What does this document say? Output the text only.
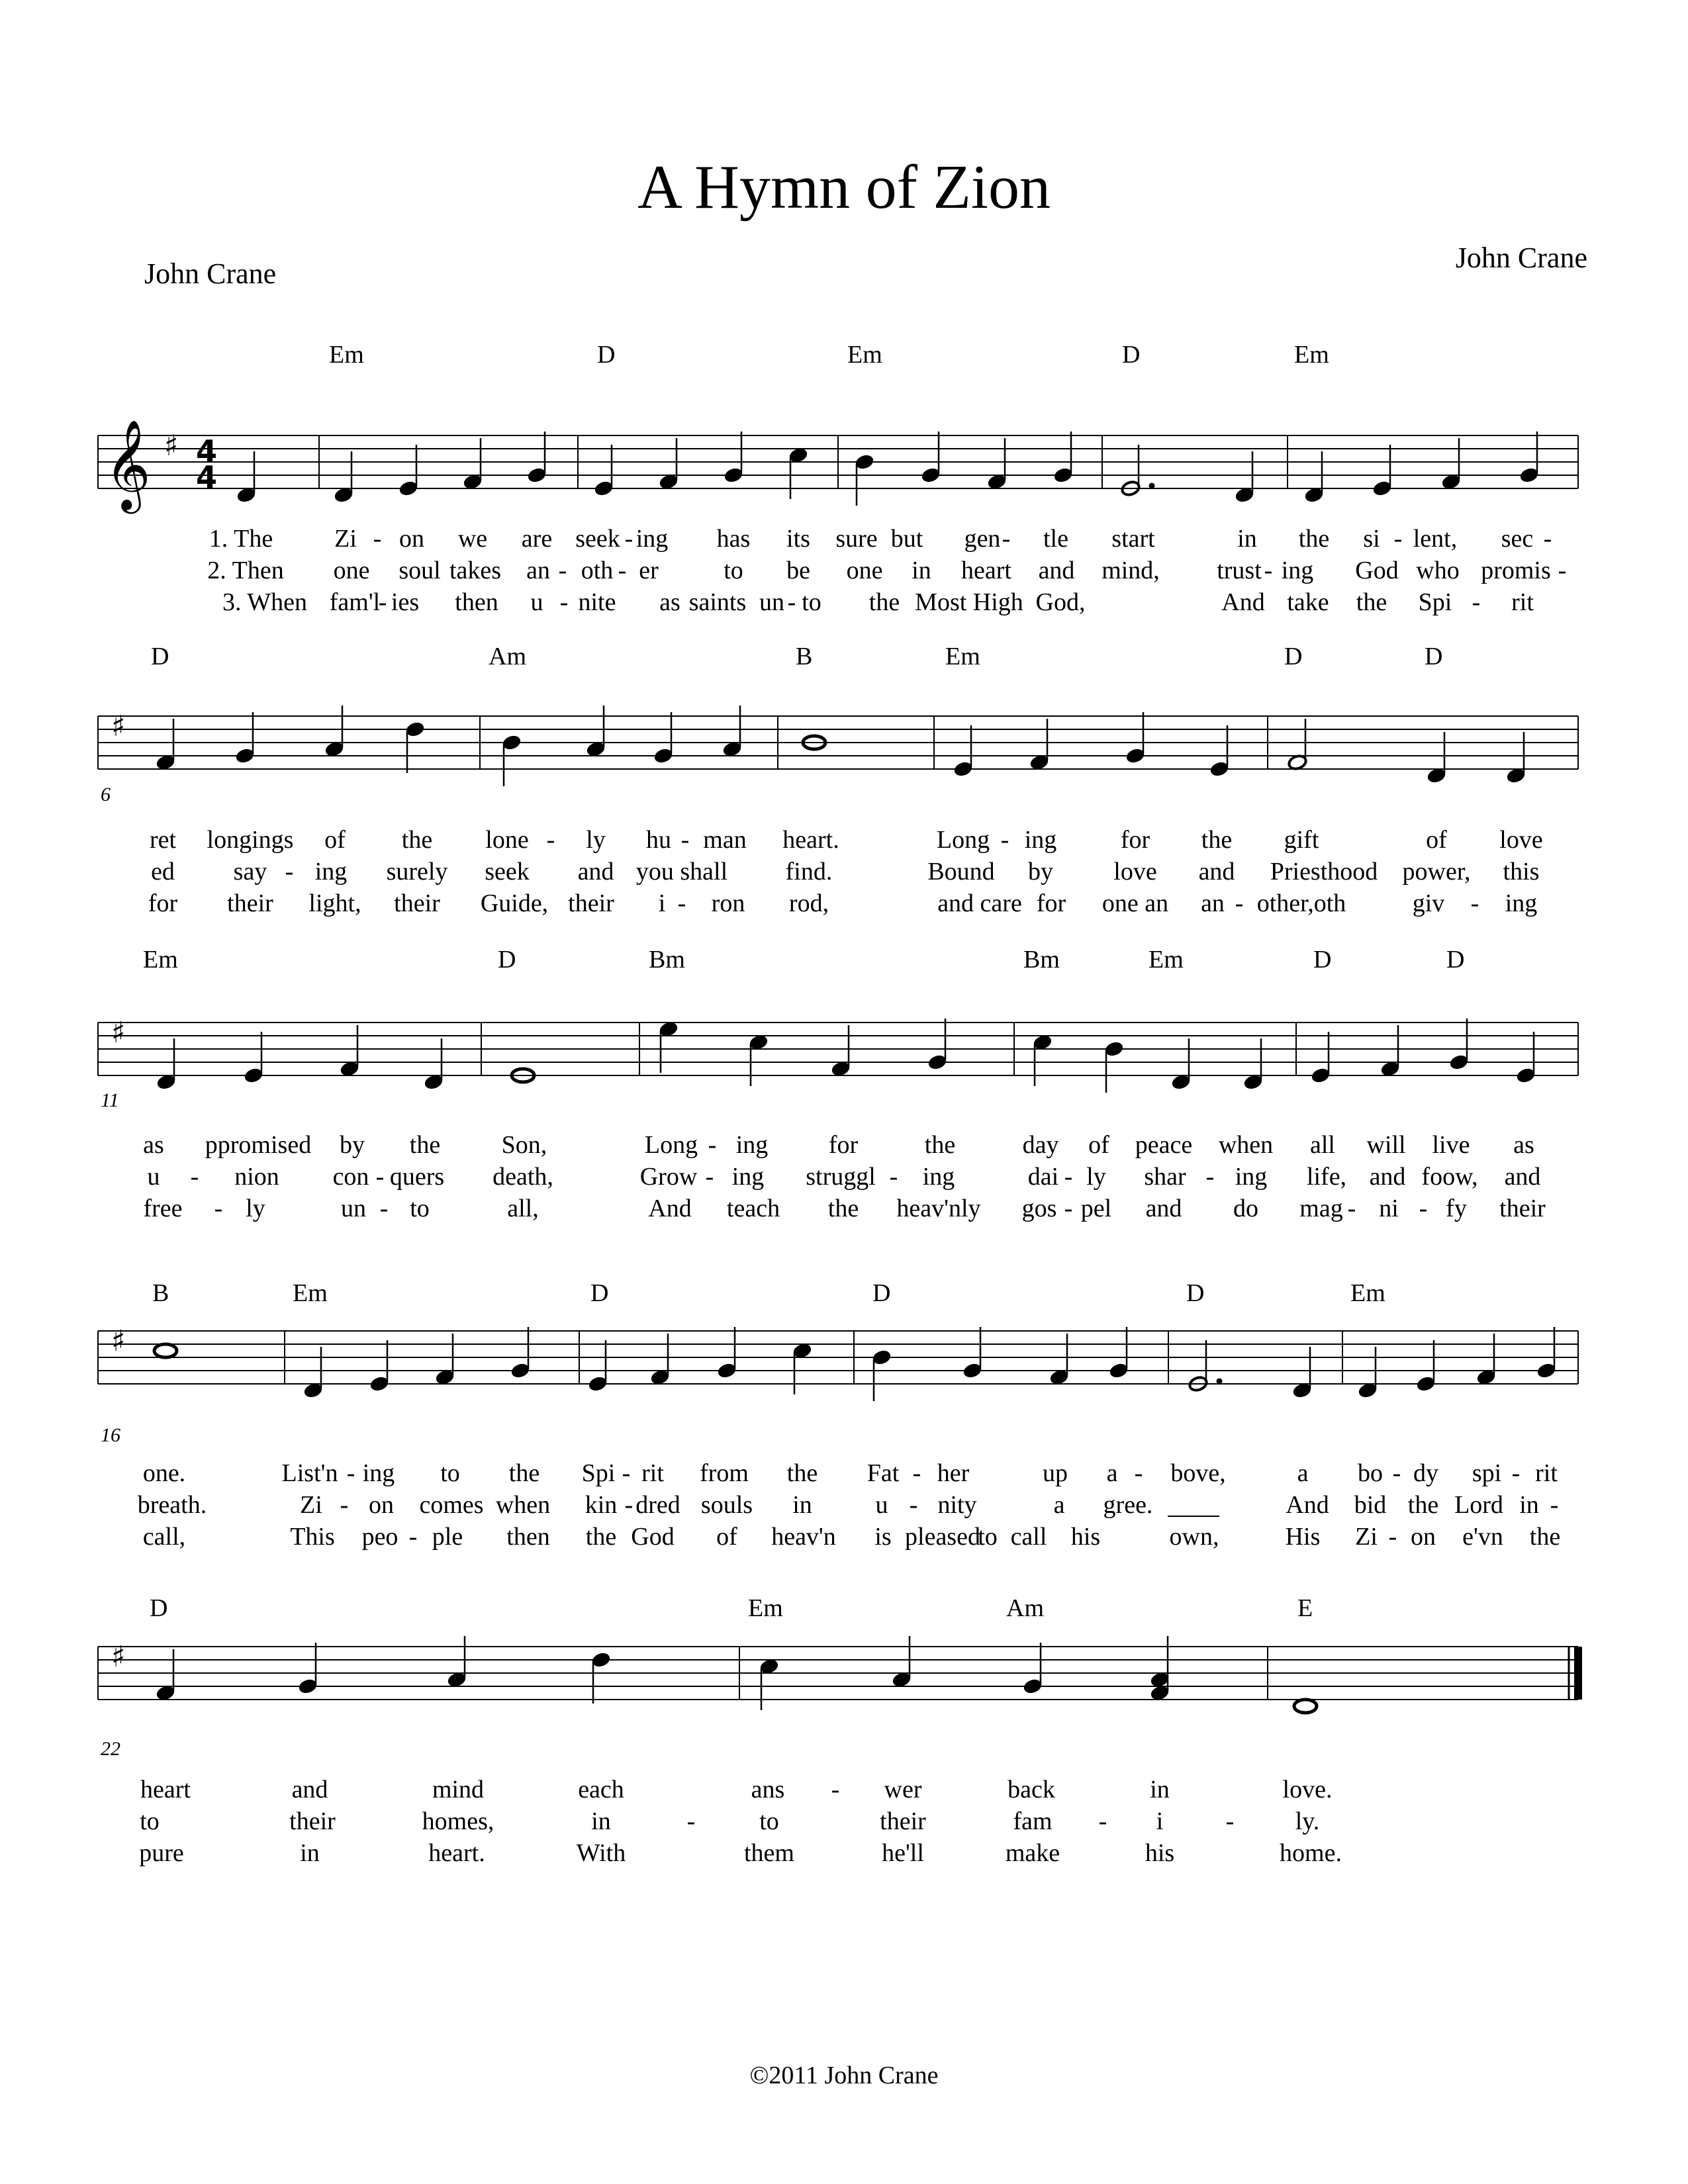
A Hymn of Zion
John Crane	John Crane
𝄞 ♯ 4
4
Em	D	Em	D	Em
1. The Zi - on we are seek - ing has its sure but gen - tle start	in the si - lent, sec -
2. Then one soul takes an - oth - er	to be one in heart and mind, trust - ing God who promis -
3. When fam'l
- ies then u - nite as saints un - to the Most High God,	And take the Spi - rit
♯
6
D	Am	B	Em	D	D
ret longings of the lone - ly hu - man heart.	Long - ing	for the gift	of love
ed say - ing surely seek and you shall find.	Bound by love and Priesthood power, this
for their light, their Guide, their i - ron rod,	and care for one an an - other,oth	giv - ing
♯
11
Em	D	Bm	Bm	Em	D	D
as ppromised by the Son,	Long - ing for	the	day of peace when all will live as
u - nion con - quers death,	Grow - ing struggl - ing	dai - ly shar - ing life, and foow, and
free - ly	un - to	all,	And teach the heav'nly gos - pel and do mag - ni - fy their
♯
16
B	Em	D	D	D	Em
one.	List'n - ing to the Spi - rit from the Fat - her	up a - bove,	a bo - dy spi - rit
breath.	Zi - on comes when kin - dred souls in	u - nity	a gree.	And bid the Lord in -
call,	This peo - ple then the God of heav'n is pleased
to call his	own,	His Zi - on e'vn the
♯
22
D	Em	Am	E
heart	and	mind	each	ans - wer	back	in	love.
to	their	homes,	in	-	to	their	fam - i - ly.
pure	in	heart.	With	them	he'll	make	his	home.
©2011 John Crane
